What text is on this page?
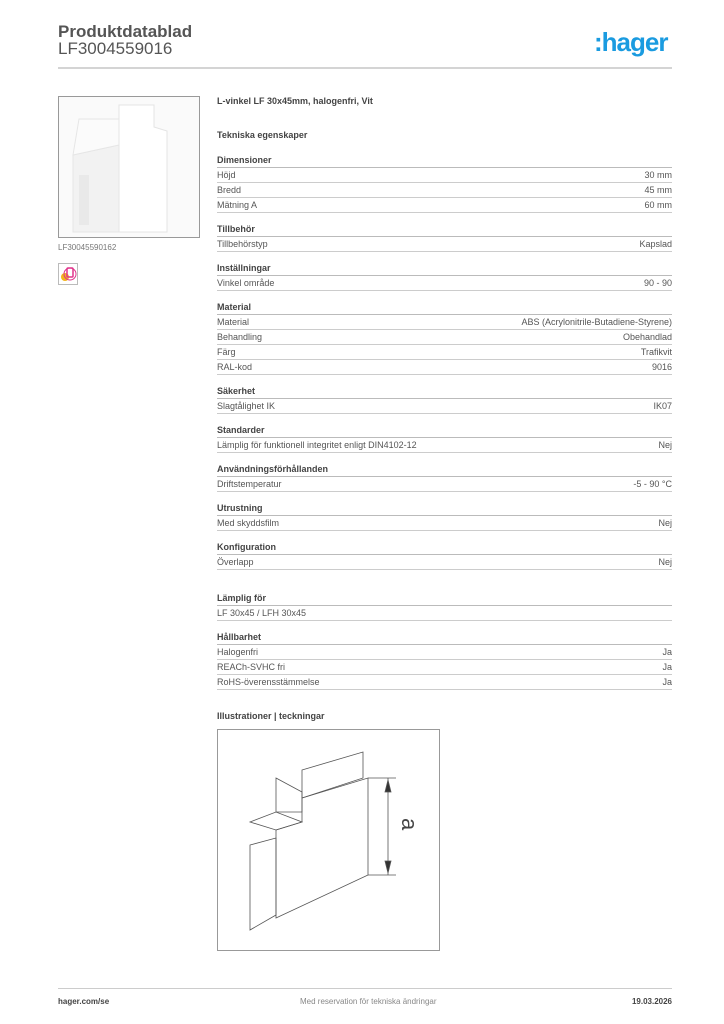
Produktdatablad
LF3004559016	:hager
LF30045590162
L-vinkel LF 30x45mm, halogenfri, Vit
Tekniska egenskaper
Dimensioner
Höjd	30 mm
Bredd	45 mm
Mätning A	60 mm
Tillbehör
Tillbehörstyp	Kapslad
Inställningar
Vinkel område	90 - 90
Material
Material	ABS (Acrylonitrile-Butadiene-Styrene)
Behandling	Obehandlad
Färg	Trafikvit
RAL-kod	9016
Säkerhet
Slagtålighet IK	IK07
Standarder
Lämplig för funktionell integritet enligt DIN4102-12	Nej
Användningsförhållanden
Driftstemperatur	-5 - 90 °C
Utrustning
Med skyddsfilm	Nej
Konfiguration
Överlapp	Nej
Lämplig för
LF 30x45 / LFH 30x45
Hållbarhet
Halogenfri	Ja
REACh-SVHC fri	Ja
RoHS-överensstämmelse	Ja
Illustrationer | teckningar
a
hager.com/se	Med reservation för tekniska ändringar	19.03.2026
